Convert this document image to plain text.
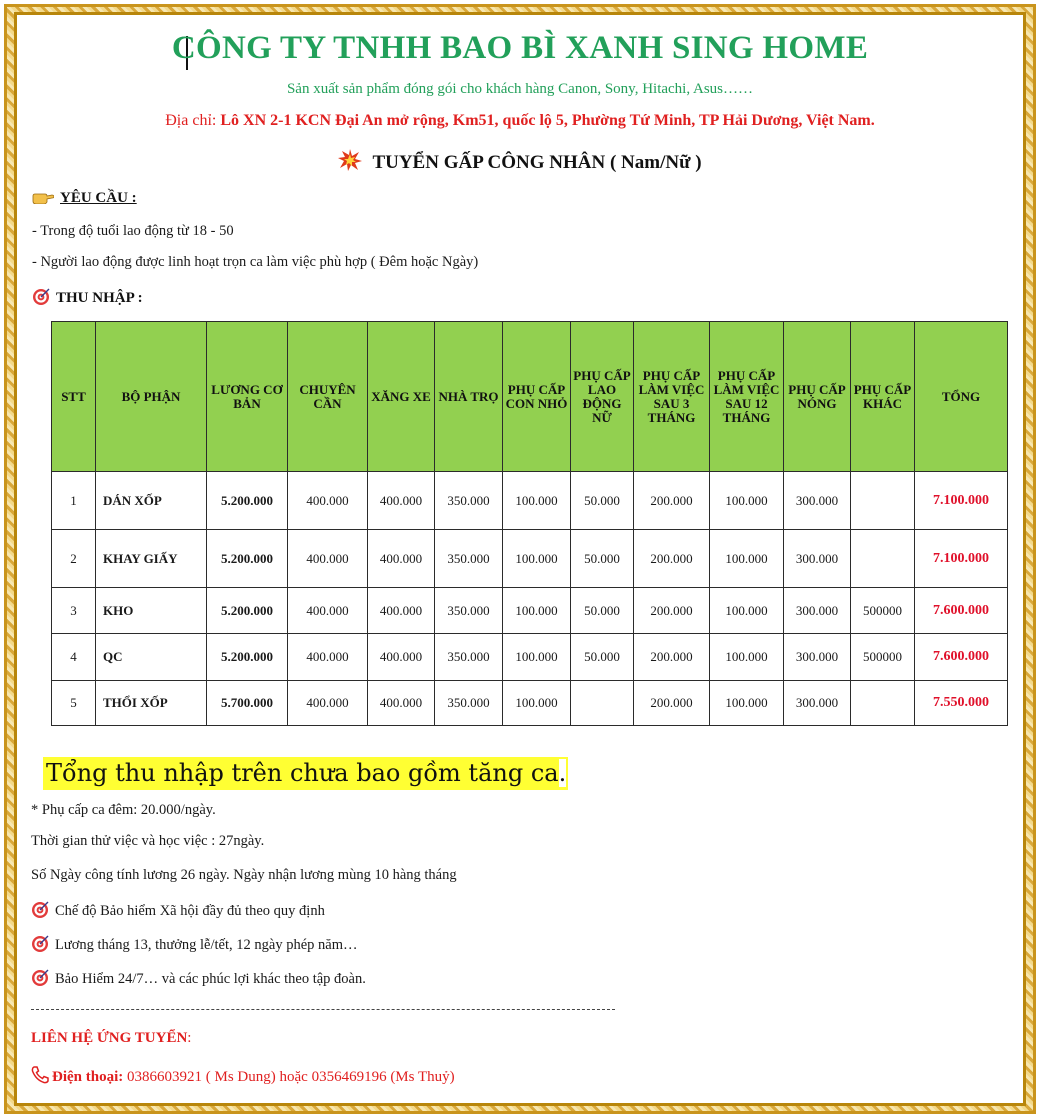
CÔNG TY TNHH BAO BÌ XANH SING HOME
Sản xuất sản phẩm đóng gói cho khách hàng Canon, Sony, Hitachi, Asus……
Địa chỉ: Lô XN 2-1 KCN Đại An mở rộng, Km51, quốc lộ 5, Phường Tứ Minh, TP Hải Dương, Việt Nam.
TUYỂN GẤP CÔNG NHÂN ( Nam/Nữ )
YÊU CẦU :
- Trong độ tuổi lao động từ 18 - 50
- Người lao động được linh hoạt trọn ca làm việc phù hợp ( Đêm hoặc Ngày)
THU NHẬP :
STT	BỘ PHẬN	LƯƠNG CƠ BẢN	CHUYÊN CẦN	XĂNG XE	NHÀ TRỌ	PHỤ CẤP CON NHỎ	PHỤ CẤP LAO ĐỘNG NỮ	PHỤ CẤP LÀM VIỆC SAU 3 THÁNG	PHỤ CẤP LÀM VIỆC SAU 12 THÁNG	PHỤ CẤP NÓNG	PHỤ CẤP KHÁC	TỔNG
1	DÁN XỐP	5.200.000	400.000	400.000	350.000	100.000	50.000	200.000	100.000	300.000		7.100.000
2	KHAY GIẤY	5.200.000	400.000	400.000	350.000	100.000	50.000	200.000	100.000	300.000		7.100.000
3	KHO	5.200.000	400.000	400.000	350.000	100.000	50.000	200.000	100.000	300.000	500000	7.600.000
4	QC	5.200.000	400.000	400.000	350.000	100.000	50.000	200.000	100.000	300.000	500000	7.600.000
5	THỔI XỐP	5.700.000	400.000	400.000	350.000	100.000		200.000	100.000	300.000		7.550.000
Tổng thu nhập trên chưa bao gồm tăng ca.
* Phụ cấp ca đêm: 20.000/ngày.
Thời gian thử việc và học việc : 27ngày.
Số Ngày công tính lương 26 ngày. Ngày nhận lương mùng 10 hàng tháng
Chế độ Bảo hiểm Xã hội đầy đủ theo quy định
Lương tháng 13, thưởng lễ/tết, 12 ngày phép năm…
Bảo Hiểm 24/7… và các phúc lợi khác theo tập đoàn.
LIÊN HỆ ỨNG TUYỂN:
Điện thoại: 0386603921 ( Ms Dung) hoặc 0356469196 (Ms Thuỷ)
